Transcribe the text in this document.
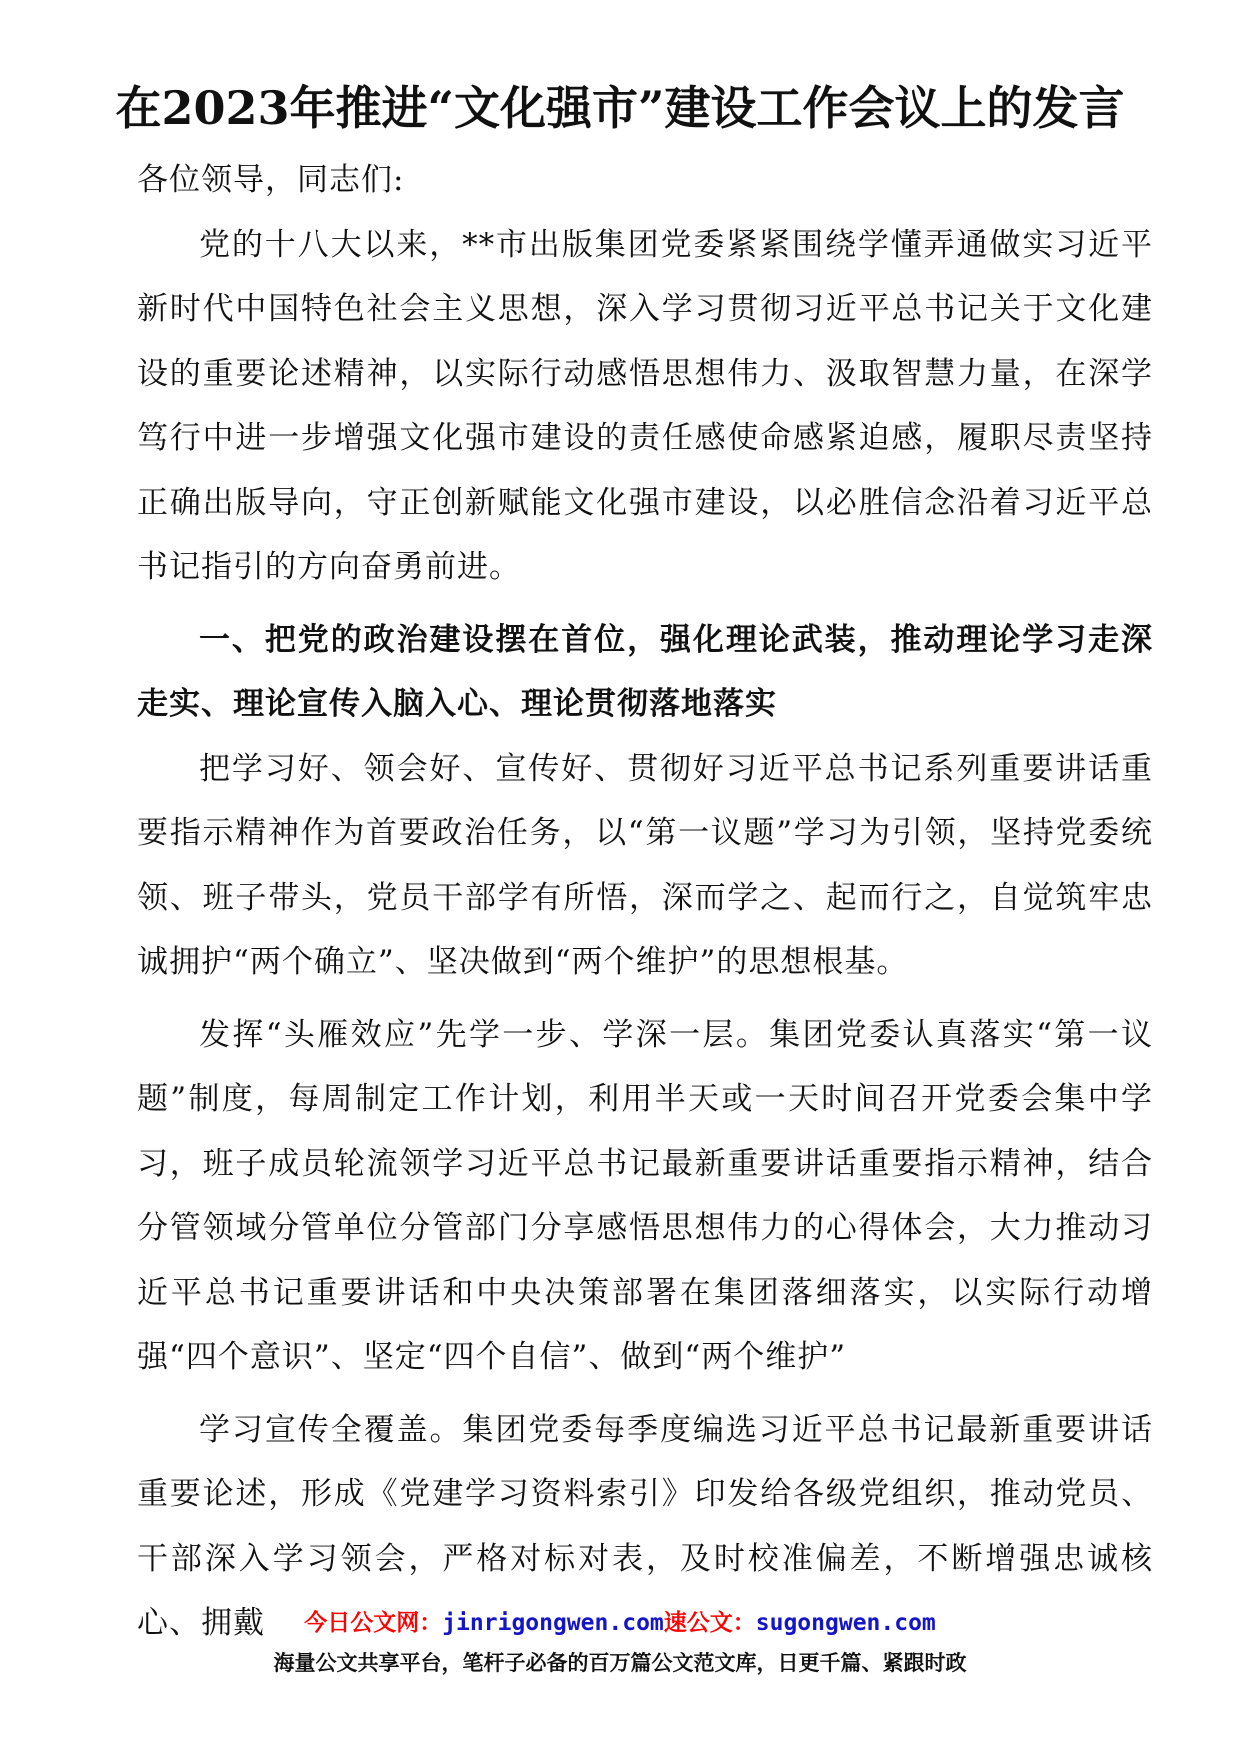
在2023年推进“文化强市”建设工作会议上的发言

各位领导，同志们:

党的十八大以来，**市出版集团党委紧紧围绕学懂弄通做实习近平新时代中国特色社会主义思想，深入学习贯彻习近平总书记关于文化建设的重要论述精神，以实际行动感悟思想伟力、汲取智慧力量，在深学笃行中进一步增强文化强市建设的责任感使命感紧迫感，履职尽责坚持正确出版导向，守正创新赋能文化强市建设，以必胜信念沿着习近平总书记指引的方向奋勇前进。

一、把党的政治建设摆在首位，强化理论武装，推动理论学习走深走实、理论宣传入脑入心、理论贯彻落地落实

把学习好、领会好、宣传好、贯彻好习近平总书记系列重要讲话重要指示精神作为首要政治任务，以“第一议题”学习为引领，坚持党委统领、班子带头，党员干部学有所悟，深而学之、起而行之，自觉筑牢忠诚拥护“两个确立”、坚决做到“两个维护”的思想根基。

发挥“头雁效应”先学一步、学深一层。集团党委认真落实“第一议题”制度，每周制定工作计划，利用半天或一天时间召开党委会集中学习，班子成员轮流领学习近平总书记最新重要讲话重要指示精神，结合分管领域分管单位分管部门分享感悟思想伟力的心得体会，大力推动习近平总书记重要讲话和中央决策部署在集团落细落实，以实际行动增强“四个意识”、坚定“四个自信”、做到“两个维护”

学习宣传全覆盖。集团党委每季度编选习近平总书记最新重要讲话重要论述，形成《党建学习资料索引》印发给各级党组织，推动党员、干部深入学习领会，严格对标对表，及时校准偏差，不断增强忠诚核心、拥戴	今日公文网：jinrigongwen.com速公文：sugongwen.com
海量公文共享平台，笔杆子必备的百万篇公文范文库，日更千篇、紧跟时政
